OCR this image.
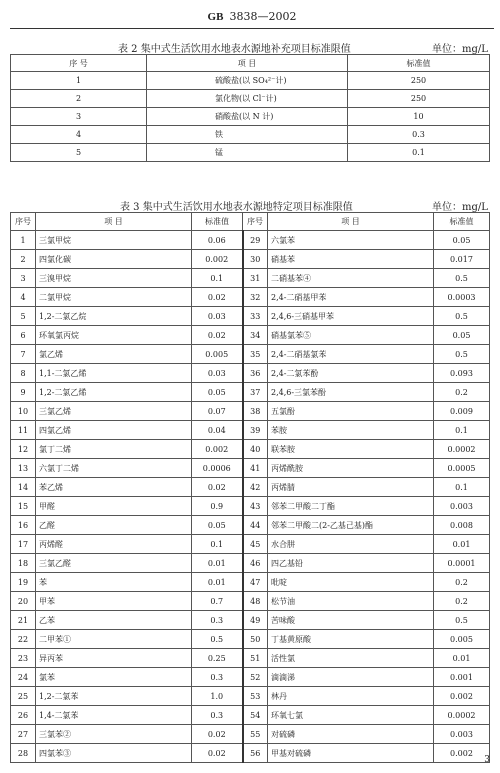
GB 3838—2002
表 2 集中式生活饮用水地表水源地补充项目标准限值	单位：mg/L
序 号	项 目	标准值
1	硫酸盐(以 SO₄²⁻计)	250
2	氯化物(以 Cl⁻计)	250
3	硝酸盐(以 N 计)	10
4	铁	0.3
5	锰	0.1
表 3 集中式生活饮用水地表水源地特定项目标准限值	单位：mg/L
序号	项 目	标准值	序号	项 目	标准值
1	三氯甲烷	0.06	29	六氯苯	0.05
2	四氯化碳	0.002	30	硝基苯	0.017
3	三溴甲烷	0.1	31	二硝基苯④	0.5
4	二氯甲烷	0.02	32	2,4-二硝基甲苯	0.0003
5	1,2-二氯乙烷	0.03	33	2,4,6-三硝基甲苯	0.5
6	环氧氯丙烷	0.02	34	硝基氯苯⑤	0.05
7	氯乙烯	0.005	35	2,4-二硝基氯苯	0.5
8	1,1-二氯乙烯	0.03	36	2,4-二氯苯酚	0.093
9	1,2-二氯乙烯	0.05	37	2,4,6-三氯苯酚	0.2
10	三氯乙烯	0.07	38	五氯酚	0.009
11	四氯乙烯	0.04	39	苯胺	0.1
12	氯丁二烯	0.002	40	联苯胺	0.0002
13	六氯丁二烯	0.0006	41	丙烯酰胺	0.0005
14	苯乙烯	0.02	42	丙烯腈	0.1
15	甲醛	0.9	43	邻苯二甲酸二丁酯	0.003
16	乙醛	0.05	44	邻苯二甲酸二(2-乙基己基)酯	0.008
17	丙烯醛	0.1	45	水合肼	0.01
18	三氯乙醛	0.01	46	四乙基铅	0.0001
19	苯	0.01	47	吡啶	0.2
20	甲苯	0.7	48	松节油	0.2
21	乙苯	0.3	49	苦味酸	0.5
22	二甲苯①	0.5	50	丁基黄原酸	0.005
23	异丙苯	0.25	51	活性氯	0.01
24	氯苯	0.3	52	滴滴涕	0.001
25	1,2-二氯苯	1.0	53	林丹	0.002
26	1,4-二氯苯	0.3	54	环氧七氯	0.0002
27	三氯苯②	0.02	55	对硫磷	0.003
28	四氯苯③	0.02	56	甲基对硫磷	0.002
3
